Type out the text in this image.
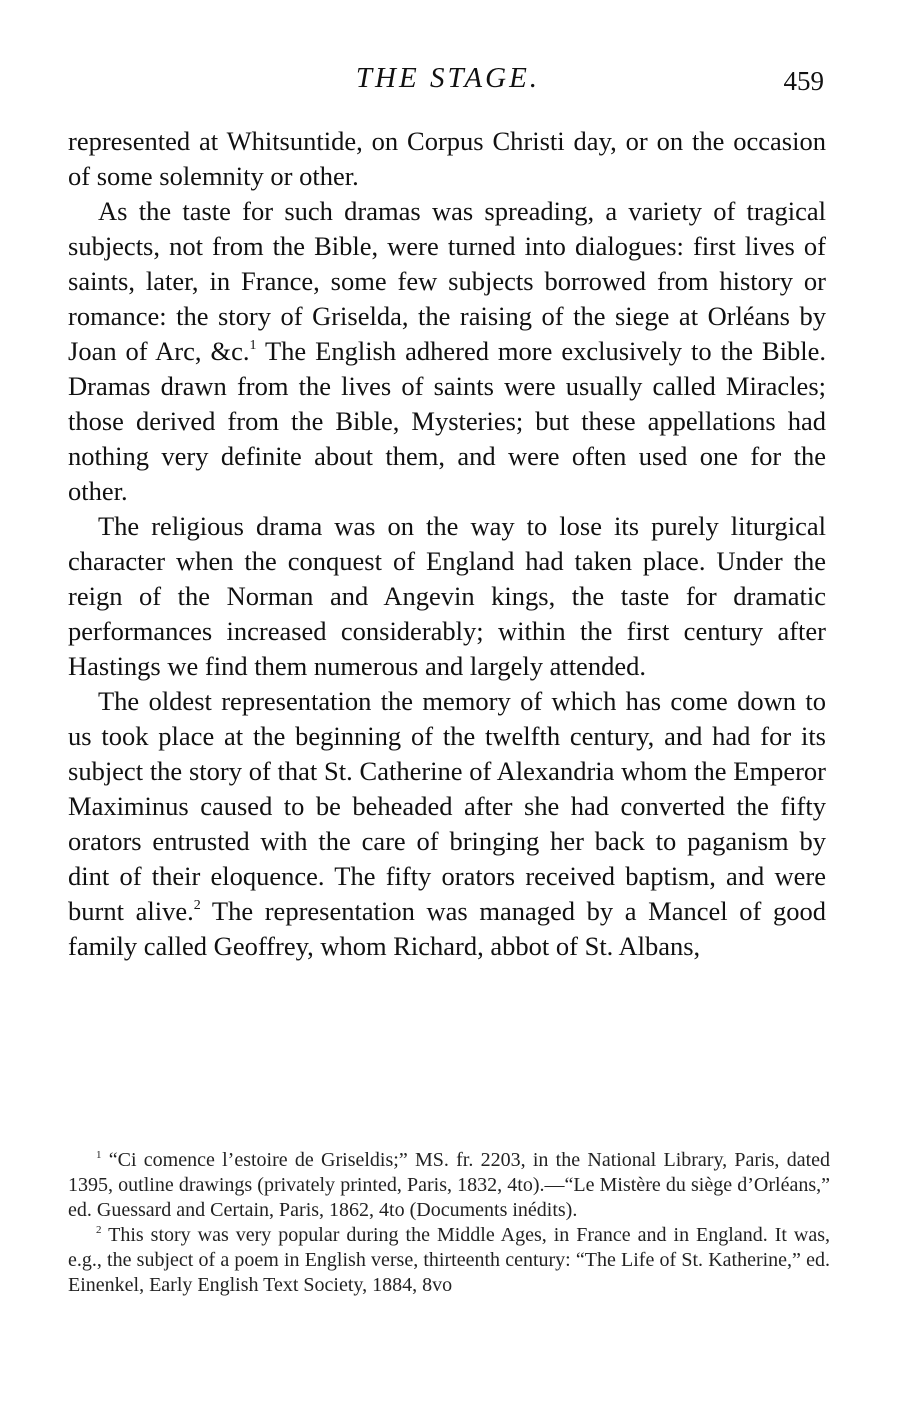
THE STAGE.	459

represented at Whitsuntide, on Corpus Christi day, or on the occasion of some solemnity or other.

As the taste for such dramas was spreading, a variety of tragical subjects, not from the Bible, were turned into dialogues: first lives of saints, later, in France, some few subjects borrowed from history or romance: the story of Griselda, the raising of the siege at Orléans by Joan of Arc, &c.$^1$ The English adhered more exclusively to the Bible. Dramas drawn from the lives of saints were usually called Miracles; those derived from the Bible, Mysteries; but these appellations had nothing very definite about them, and were often used one for the other.

The religious drama was on the way to lose its purely liturgical character when the conquest of England had taken place. Under the reign of the Norman and Angevin kings, the taste for dramatic performances increased considerably; within the first century after Hastings we find them numerous and largely attended.

The oldest representation the memory of which has come down to us took place at the beginning of the twelfth century, and had for its subject the story of that St. Catherine of Alexandria whom the Emperor Maximinus caused to be beheaded after she had converted the fifty orators entrusted with the care of bringing her back to paganism by dint of their eloquence. The fifty orators received baptism, and were burnt alive.$^2$ The representation was managed by a Mancel of good family called Geoffrey, whom Richard, abbot of St. Albans,

$^1$ “Ci comence l’estoire de Griseldis;” MS. fr. 2203, in the National Library, Paris, dated 1395, outline drawings (privately printed, Paris, 1832, 4to).—“Le Mistère du siège d’Orléans,” ed. Guessard and Certain, Paris, 1862, 4to (Documents inédits).

$^2$ This story was very popular during the Middle Ages, in France and in England. It was, e.g., the subject of a poem in English verse, thirteenth century: “The Life of St. Katherine,” ed. Einenkel, Early English Text Society, 1884, 8vo
